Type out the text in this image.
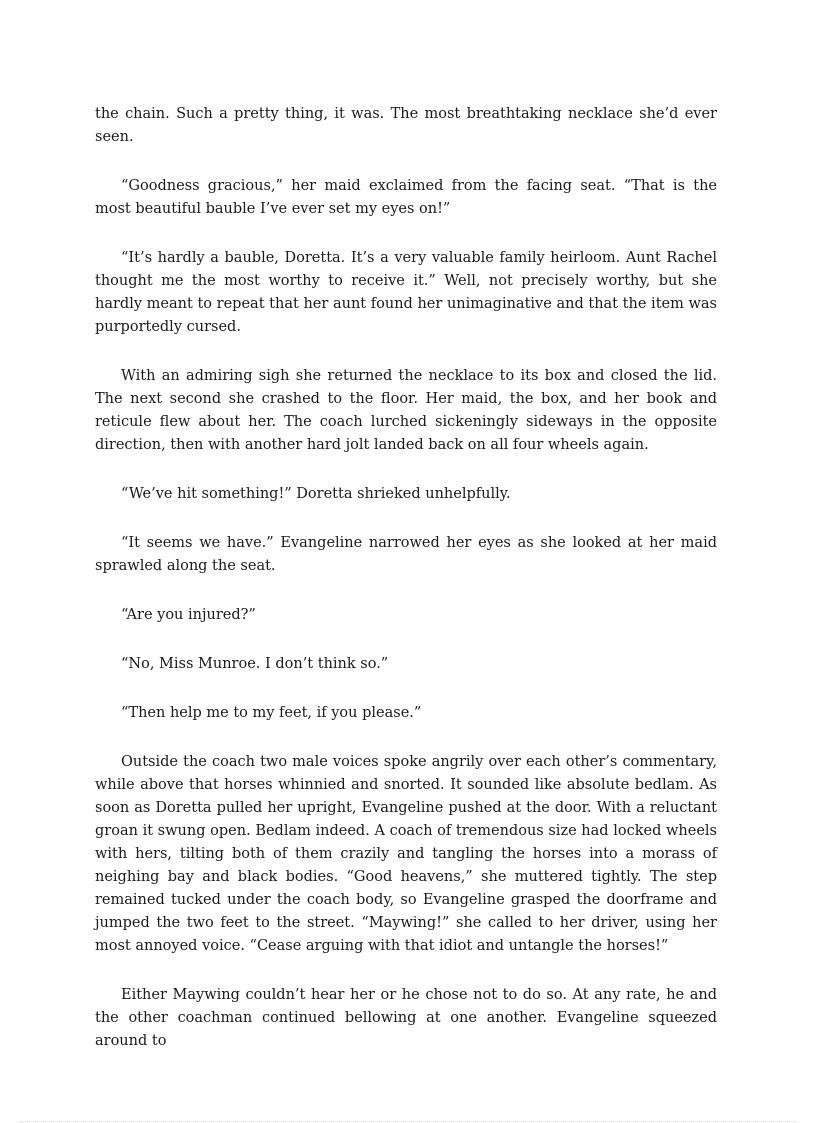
the chain. Such a pretty thing, it was. The most breathtaking necklace she’d ever seen.

“Goodness gracious,” her maid exclaimed from the facing seat. “That is the most beautiful bauble I’ve ever set my eyes on!”

“It’s hardly a bauble, Doretta. It’s a very valuable family heirloom. Aunt Rachel thought me the most worthy to receive it.” Well, not precisely worthy, but she hardly meant to repeat that her aunt found her unimaginative and that the item was purportedly cursed.

With an admiring sigh she returned the necklace to its box and closed the lid. The next second she crashed to the floor. Her maid, the box, and her book and reticule flew about her. The coach lurched sickeningly sideways in the opposite direction, then with another hard jolt landed back on all four wheels again.

“We’ve hit something!” Doretta shrieked unhelpfully.

“It seems we have.” Evangeline narrowed her eyes as she looked at her maid sprawled along the seat.

“Are you injured?”

“No, Miss Munroe. I don’t think so.”

“Then help me to my feet, if you please.”

Outside the coach two male voices spoke angrily over each other’s commentary, while above that horses whinnied and snorted. It sounded like absolute bedlam. As soon as Doretta pulled her upright, Evangeline pushed at the door. With a reluctant groan it swung open. Bedlam indeed. A coach of tremendous size had locked wheels with hers, tilting both of them crazily and tangling the horses into a morass of neighing bay and black bodies. “Good heavens,” she muttered tightly. The step remained tucked under the coach body, so Evangeline grasped the doorframe and jumped the two feet to the street. “Maywing!” she called to her driver, using her most annoyed voice. “Cease arguing with that idiot and untangle the horses!”

Either Maywing couldn’t hear her or he chose not to do so. At any rate, he and the other coachman continued bellowing at one another. Evangeline squeezed around to
